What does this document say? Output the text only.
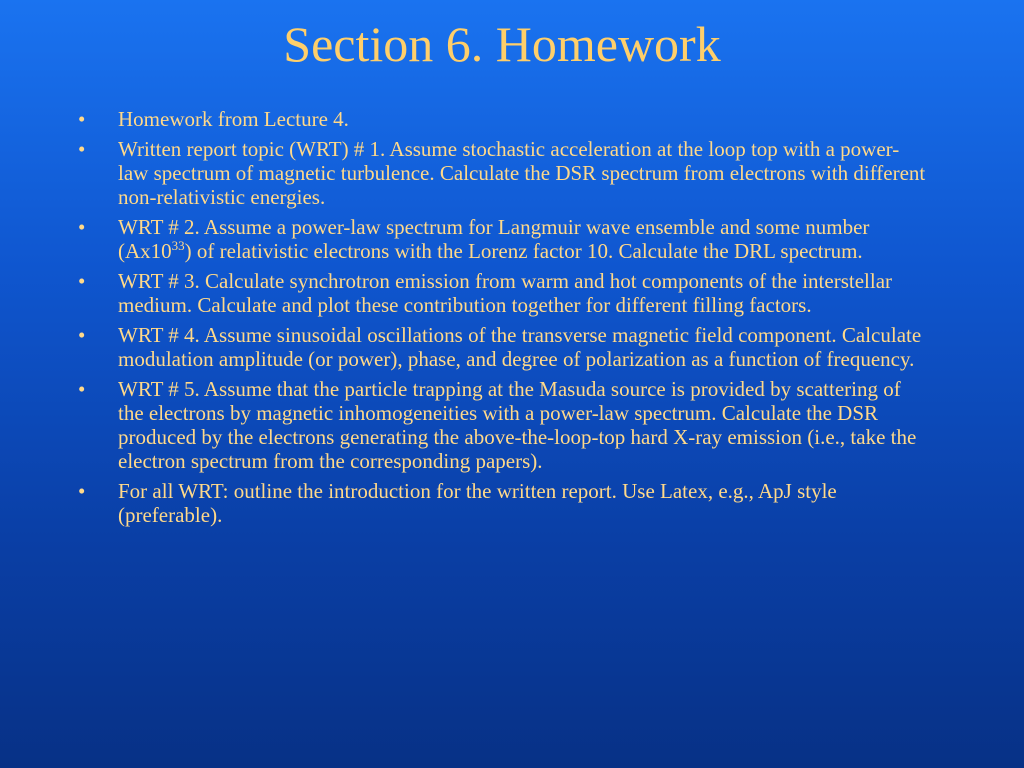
Section 6. Homework
•	Homework from Lecture 4.
•	Written report topic (WRT) # 1. Assume stochastic acceleration at the loop top with a power-law spectrum of magnetic turbulence. Calculate the DSR spectrum from electrons with different non-relativistic energies.
•	WRT # 2. Assume a power-law spectrum for Langmuir wave ensemble and some number $(Ax10^{33})$ of relativistic electrons with the Lorenz factor 10. Calculate the DRL spectrum.
•	WRT # 3. Calculate synchrotron emission from warm and hot components of the interstellar medium. Calculate and plot these contribution together for different filling factors.
•	WRT # 4. Assume sinusoidal oscillations of the transverse magnetic field component. Calculate modulation amplitude (or power), phase, and degree of polarization as a function of frequency.
•	WRT # 5. Assume that the particle trapping at the Masuda source is provided by scattering of the electrons by magnetic inhomogeneities with a power-law spectrum. Calculate the DSR produced by the electrons generating the above-the-loop-top hard X-ray emission (i.e., take the electron spectrum from the corresponding papers).
•	For all WRT: outline the introduction for the written report. Use Latex, e.g., ApJ style (preferable).
